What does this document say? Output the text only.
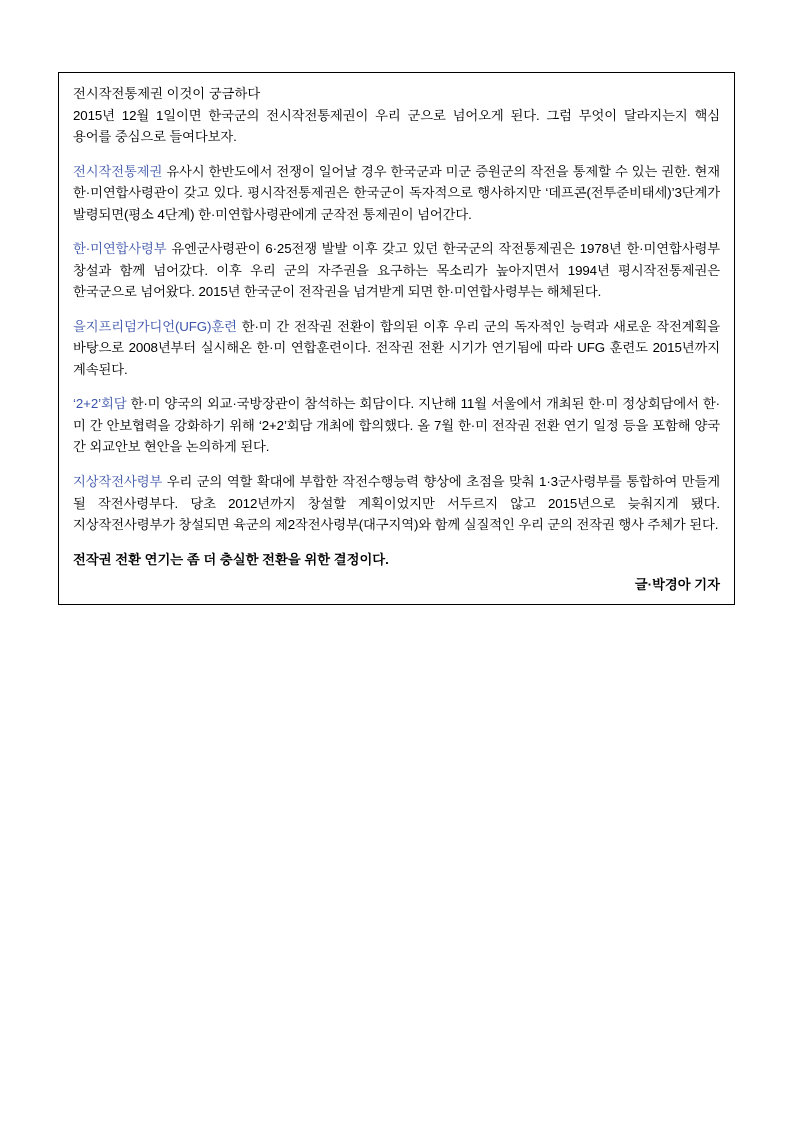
전시작전통제권 이것이 궁금하다
2015년 12월 1일이면 한국군의 전시작전통제권이 우리 군으로 넘어오게 된다. 그럼 무엇이 달라지는지 핵심 용어를 중심으로 들여다보자.
전시작전통제권 유사시 한반도에서 전쟁이 일어날 경우 한국군과 미군 증원군의 작전을 통제할 수 있는 권한. 현재 한·미연합사령관이 갖고 있다. 평시작전통제권은 한국군이 독자적으로 행사하지만 ‘데프콘(전투준비태세)’3단계가 발령되면(평소 4단계) 한·미연합사령관에게 군작전 통제권이 넘어간다.
한·미연합사령부 유엔군사령관이 6·25전쟁 발발 이후 갖고 있던 한국군의 작전통제권은 1978년 한·미연합사령부 창설과 함께 넘어갔다. 이후 우리 군의 자주권을 요구하는 목소리가 높아지면서 1994년 평시작전통제권은 한국군으로 넘어왔다. 2015년 한국군이 전작권을 넘겨받게 되면 한·미연합사령부는 해체된다.
을지프리덤가디언(UFG)훈련 한·미 간 전작권 전환이 합의된 이후 우리 군의 독자적인 능력과 새로운 작전계획을 바탕으로 2008년부터 실시해온 한·미 연합훈련이다. 전작권 전환 시기가 연기됨에 따라 UFG 훈련도 2015년까지 계속된다.
‘2+2’회담 한·미 양국의 외교·국방장관이 참석하는 회담이다. 지난해 11월 서울에서 개최된 한·미 정상회담에서 한·미 간 안보협력을 강화하기 위해 ‘2+2’회담 개최에 합의했다. 올 7월 한·미 전작권 전환 연기 일정 등을 포함해 양국 간 외교안보 현안을 논의하게 된다.
지상작전사령부 우리 군의 역할 확대에 부합한 작전수행능력 향상에 초점을 맞춰 1·3군사령부를 통합하여 만들게 될 작전사령부다. 당초 2012년까지 창설할 계획이었지만 서두르지 않고 2015년으로 늦춰지게 됐다. 지상작전사령부가 창설되면 육군의 제2작전사령부(대구지역)와 함께 실질적인 우리 군의 전작권 행사 주체가 된다.
전작권 전환 연기는 좀 더 충실한 전환을 위한 결정이다.
글·박경아 기자
